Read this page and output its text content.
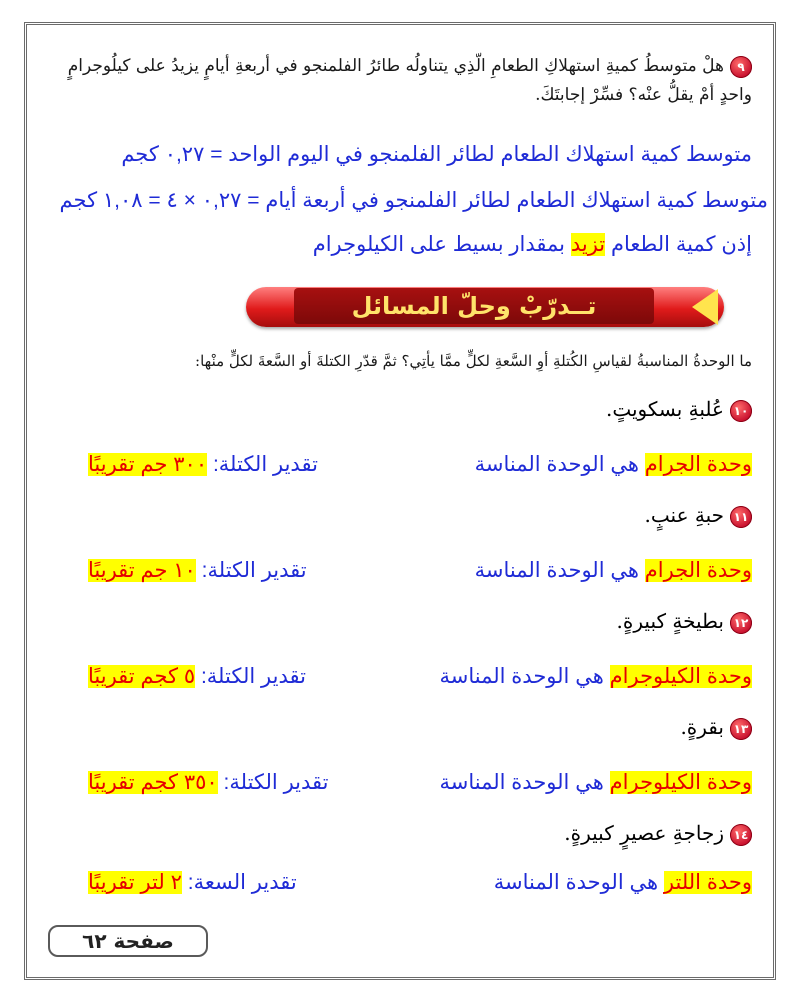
٩هلْ متوسطُ كميةِ استهلاكِ الطعامِ الّذِي يتناولُه طائرُ الفلمنجو في أربعةِ أيامٍ يزيدُ على كيلُوجرامٍ واحدٍ أمْ يقلُّ عنْه؟ فسِّرْ إجابتَكَ.
متوسط كمية استهلاك الطعام لطائر الفلمنجو في اليوم الواحد = ٠,٢٧ كجم
متوسط كمية استهلاك الطعام لطائر الفلمنجو في أربعة أيام = ٠,٢٧ × ٤ = ١,٠٨ كجم
إذن كمية الطعام تزيد بمقدار بسيط على الكيلوجرام
تــدرّبْ وحلّ المسائل
ما الوحدةُ المناسبةُ لقياسِ الكُتلةِ أوِ السَّعةِ لكلٍّ ممَّا يأتِي؟ ثمَّ قدّرِ الكتلةَ أو السَّعةَ لكلٍّ منْها:
١٠عُلبةِ بسكويتٍ.
وحدة الجرام هي الوحدة المناسة
تقدير الكتلة: ٣٠٠ جم تقريبًا
١١حبةِ عنبٍ.
وحدة الجرام هي الوحدة المناسة
تقدير الكتلة: ١٠ جم تقريبًا
١٢بطيخةٍ كبيرةٍ.
وحدة الكيلوجرام هي الوحدة المناسة
تقدير الكتلة: ٥ كجم تقريبًا
١٣بقرةٍ.
وحدة الكيلوجرام هي الوحدة المناسة
تقدير الكتلة: ٣٥٠ كجم تقريبًا
١٤زجاجةِ عصيرٍ كبيرةٍ.
وحدة اللتر هي الوحدة المناسة
تقدير السعة: ٢ لتر تقريبًا
صفحة ٦٢
